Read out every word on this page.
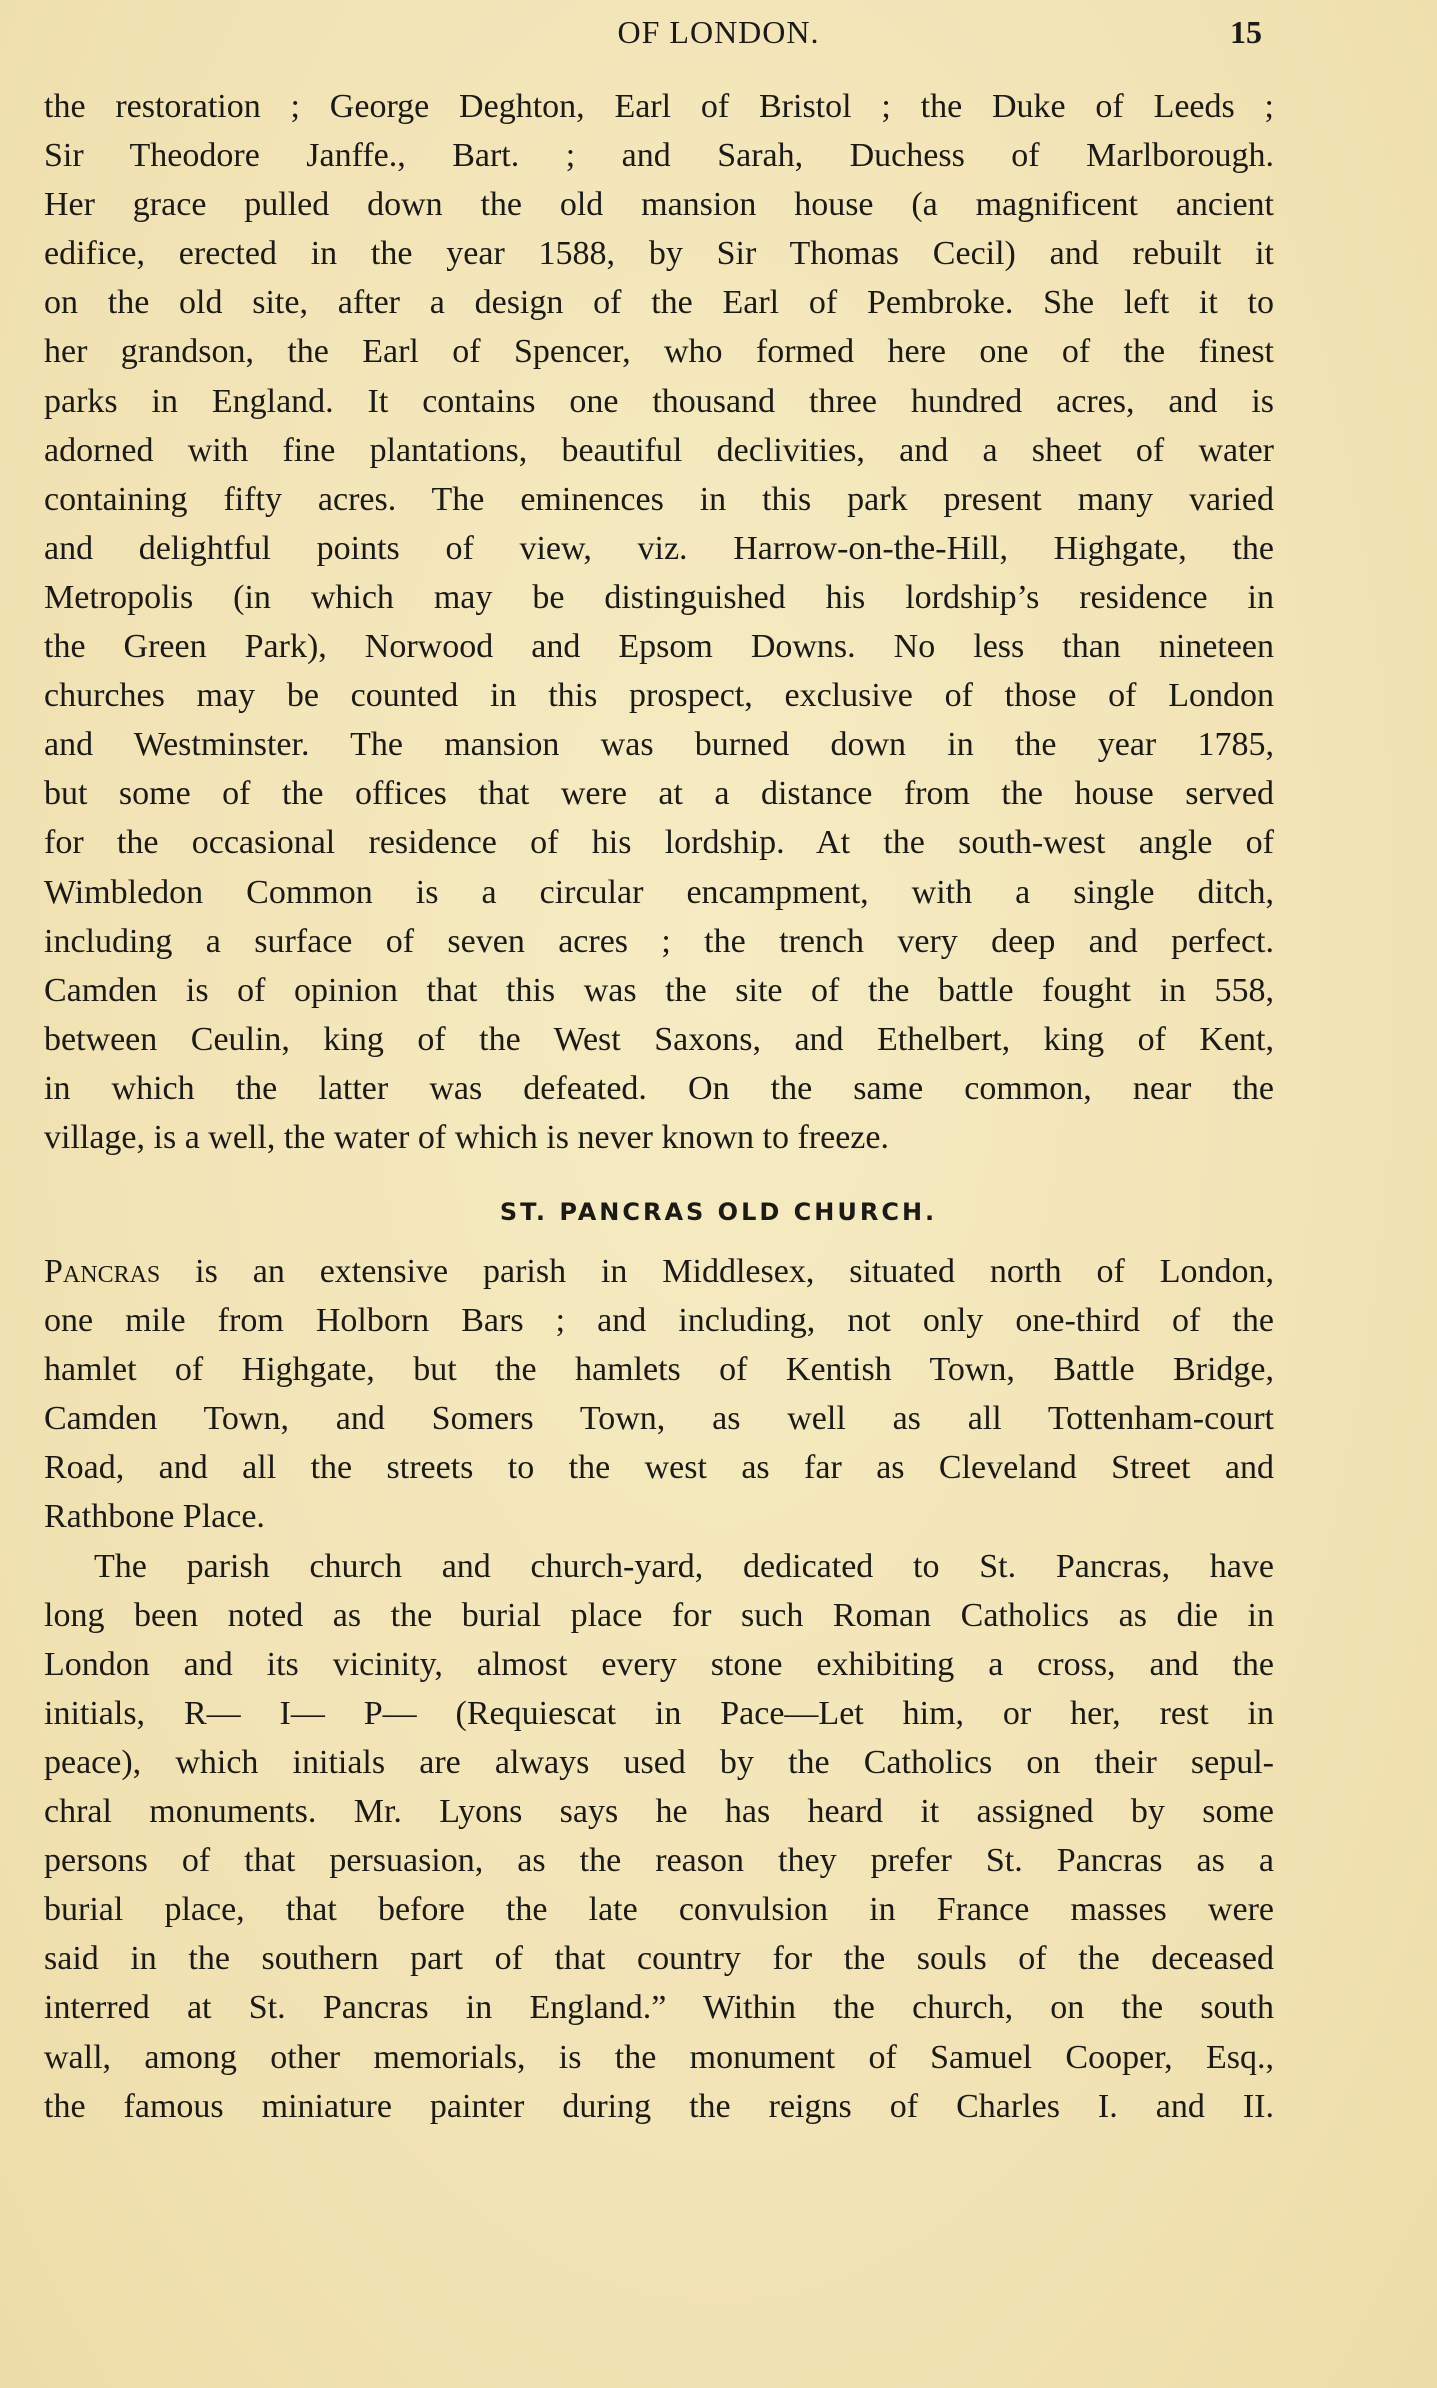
OF LONDON.	15
the restoration ; George Deghton, Earl of Bristol ; the Duke of Leeds ;
Sir Theodore Janffe., Bart. ; and Sarah, Duchess of Marlborough.
Her grace pulled down the old mansion house (a magnificent ancient
edifice, erected in the year 1588, by Sir Thomas Cecil) and rebuilt it
on the old site, after a design of the Earl of Pembroke. She left it to
her grandson, the Earl of Spencer, who formed here one of the finest
parks in England. It contains one thousand three hundred acres, and is
adorned with fine plantations, beautiful declivities, and a sheet of water
containing fifty acres. The eminences in this park present many varied
and delightful points of view, viz. Harrow-on-the-Hill, Highgate, the
Metropolis (in which may be distinguished his lordship’s residence in
the Green Park), Norwood and Epsom Downs. No less than nineteen
churches may be counted in this prospect, exclusive of those of London
and Westminster. The mansion was burned down in the year 1785,
but some of the offices that were at a distance from the house served
for the occasional residence of his lordship. At the south-west angle of
Wimbledon Common is a circular encampment, with a single ditch,
including a surface of seven acres ; the trench very deep and perfect.
Camden is of opinion that this was the site of the battle fought in 558,
between Ceulin, king of the West Saxons, and Ethelbert, king of Kent,
in which the latter was defeated. On the same common, near the
village, is a well, the water of which is never known to freeze.
ST. PANCRAS OLD CHURCH.
Pancras is an extensive parish in Middlesex, situated north of London,
one mile from Holborn Bars ; and including, not only one-third of the
hamlet of Highgate, but the hamlets of Kentish Town, Battle Bridge,
Camden Town, and Somers Town, as well as all Tottenham-court
Road, and all the streets to the west as far as Cleveland Street and
Rathbone Place.
The parish church and church-yard, dedicated to St. Pancras, have
long been noted as the burial place for such Roman Catholics as die in
London and its vicinity, almost every stone exhibiting a cross, and the
initials, R— I— P— (Requiescat in Pace—Let him, or her, rest in
peace), which initials are always used by the Catholics on their sepul-
chral monuments. Mr. Lyons says he has heard it assigned by some
persons of that persuasion, as the reason they prefer St. Pancras as a
burial place, that before the late convulsion in France masses were
said in the southern part of that country for the souls of the deceased
interred at St. Pancras in England.” Within the church, on the south
wall, among other memorials, is the monument of Samuel Cooper, Esq.,
the famous miniature painter during the reigns of Charles I. and II.
